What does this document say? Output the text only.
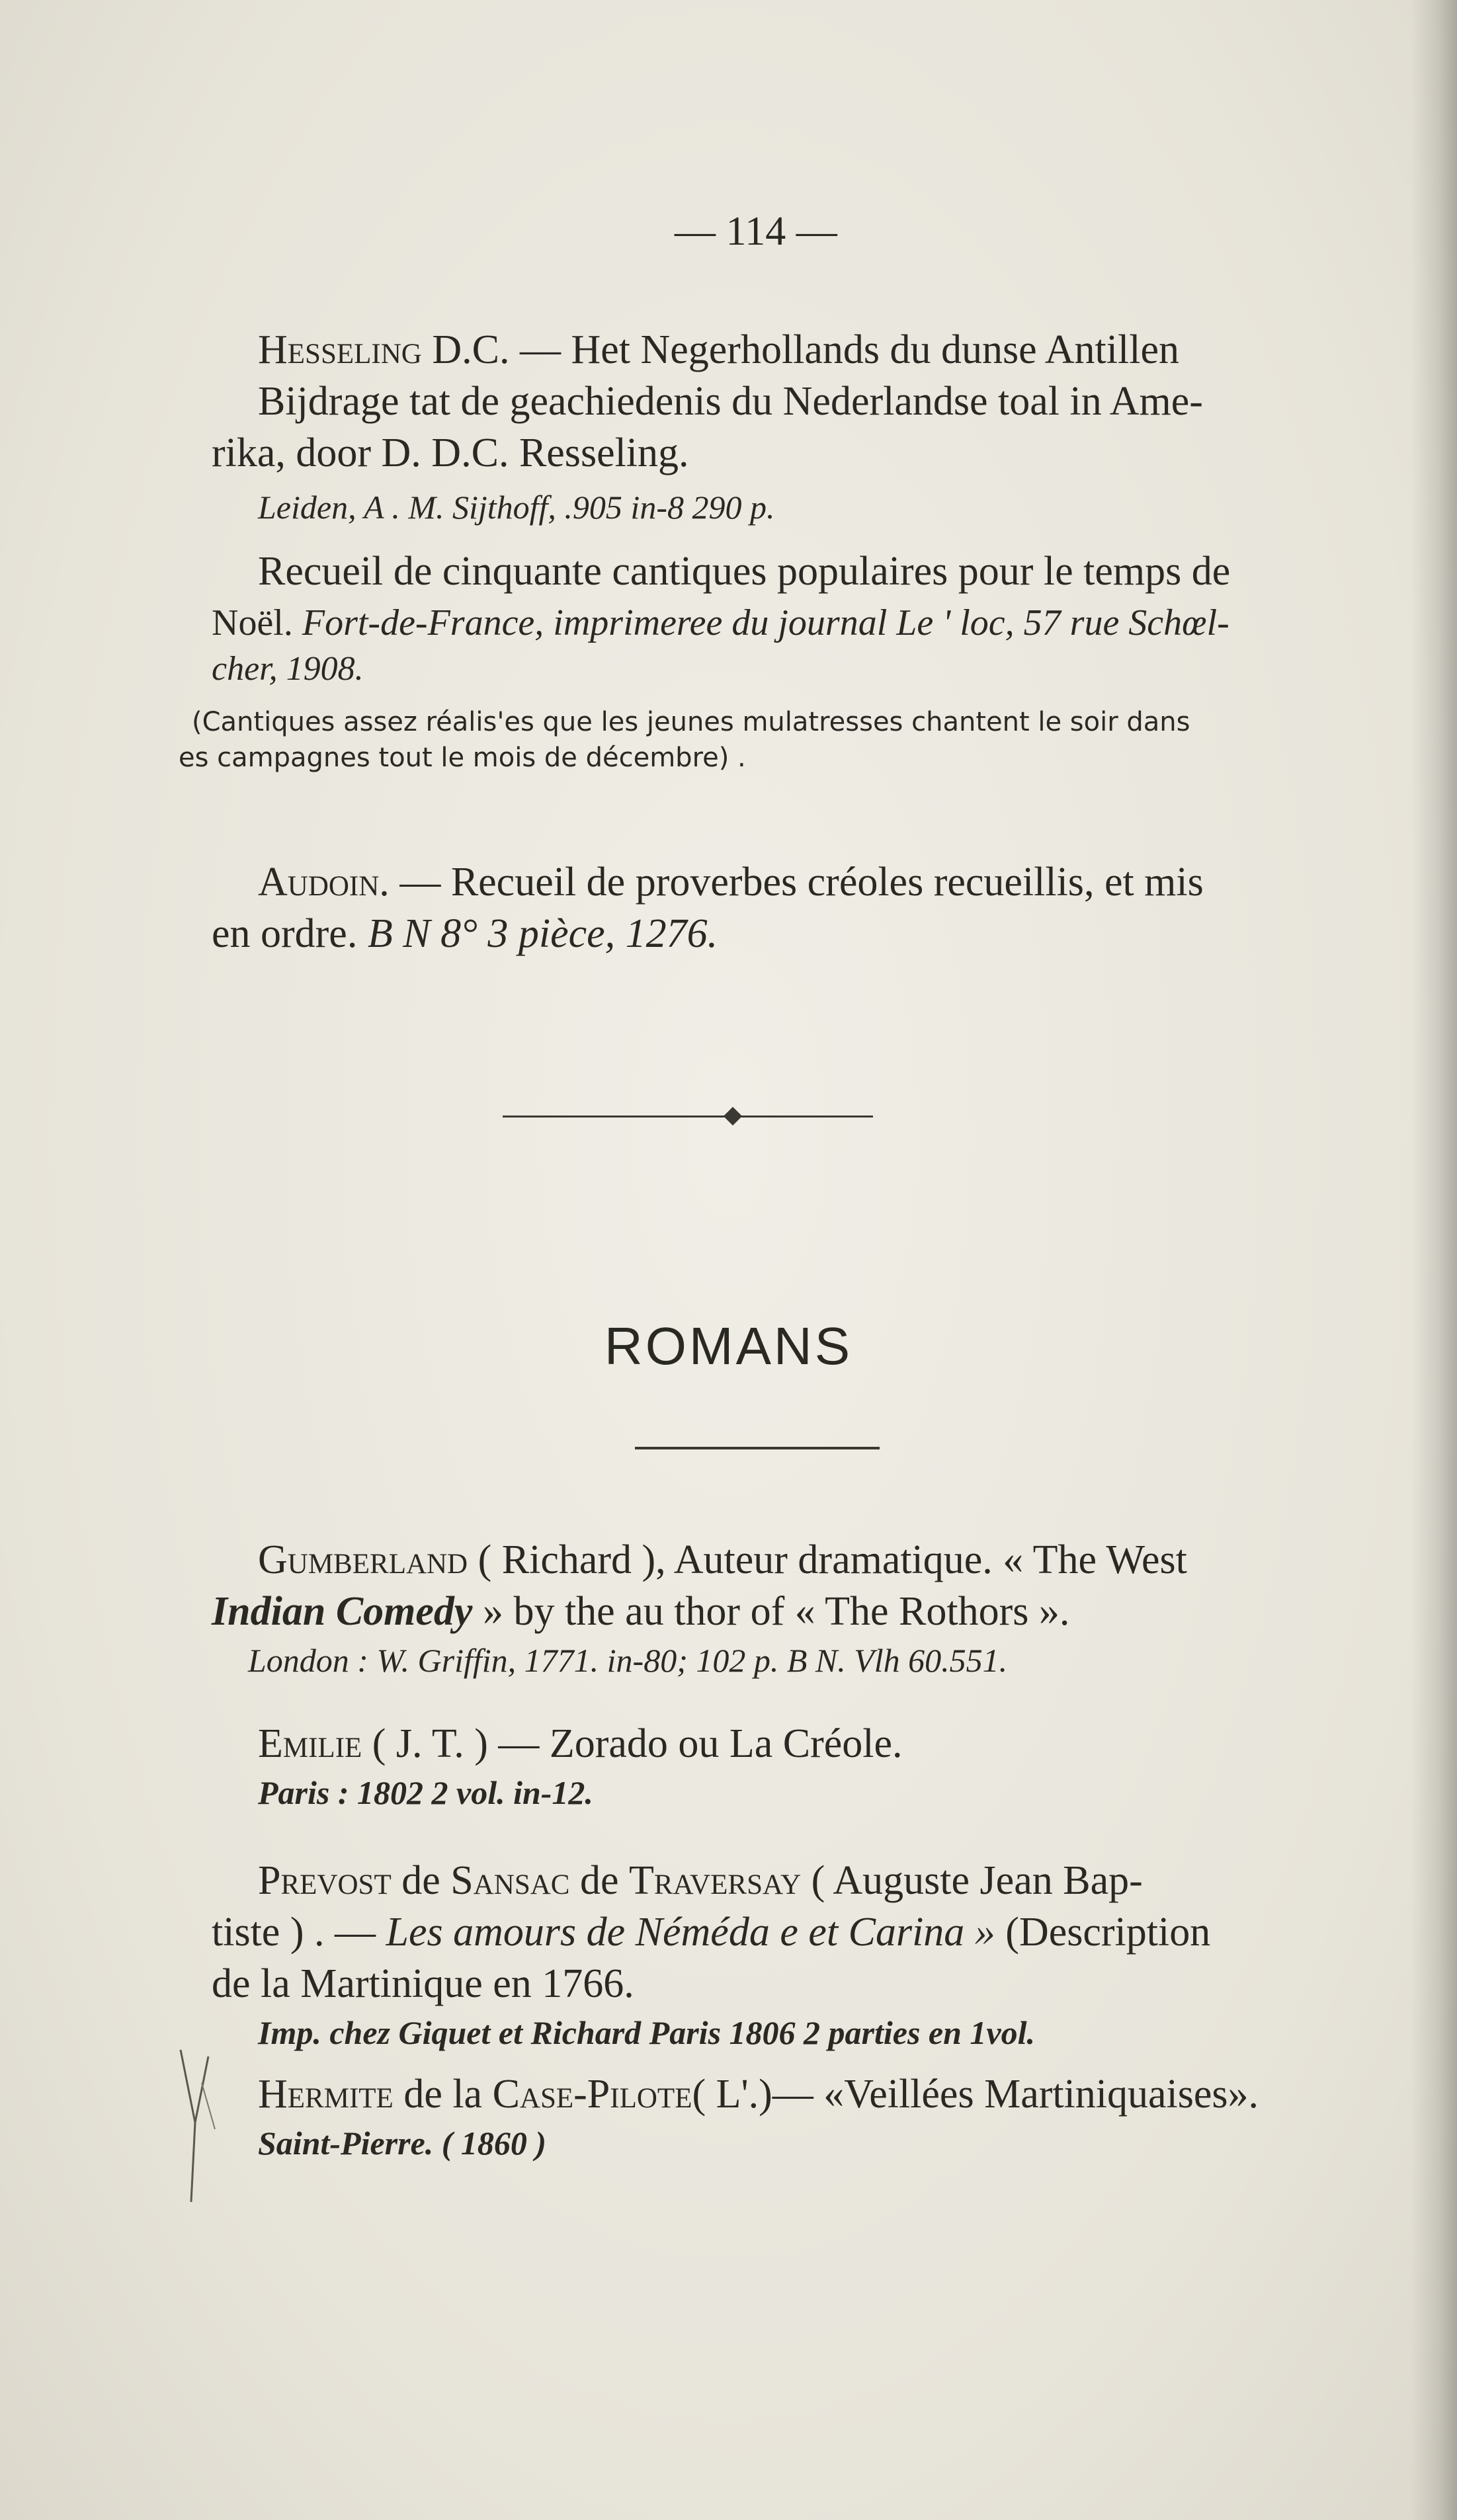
— 114 —
Hesseling D.C. — Het Negerhollands du dunse Antillen
Bijdrage tat de geachiedenis du Nederlandse toal in Ame-
rika, door D. D.C. Resseling.
Leiden, A . M. Sijthoff, .905 in-8 290 p.
Recueil de cinquante cantiques populaires pour le temps de
Noël. Fort-de-France, imprimeree du journal Le ' loc, 57 rue Schœl-
cher, 1908.
(Cantiques assez réalis'es que les jeunes mulatresses chantent le soir dans
es campagnes tout le mois de décembre) .
Audoin. — Recueil de proverbes créoles recueillis, et mis
en ordre. B N 8° 3 pièce, 1276.
ROMANS
Gumberland ( Richard ), Auteur dramatique. « The West
Indian Comedy » by the au thor of « The Rothors ».
London : W. Griffin, 1771. in-80; 102 p. B N. Vlh 60.551.
Emilie ( J. T. ) — Zorado ou La Créole.
Paris : 1802 2 vol. in-12.
Prevost de Sansac de Traversay ( Auguste Jean Bap-
tiste ) . — Les amours de Néméda e et Carina » (Description
de la Martinique en 1766.
Imp. chez Giquet et Richard Paris 1806 2 parties en 1vol.
Hermite de la Case-Pilote( L'.)— «Veillées Martiniquaises».
Saint-Pierre. ( 1860 )
